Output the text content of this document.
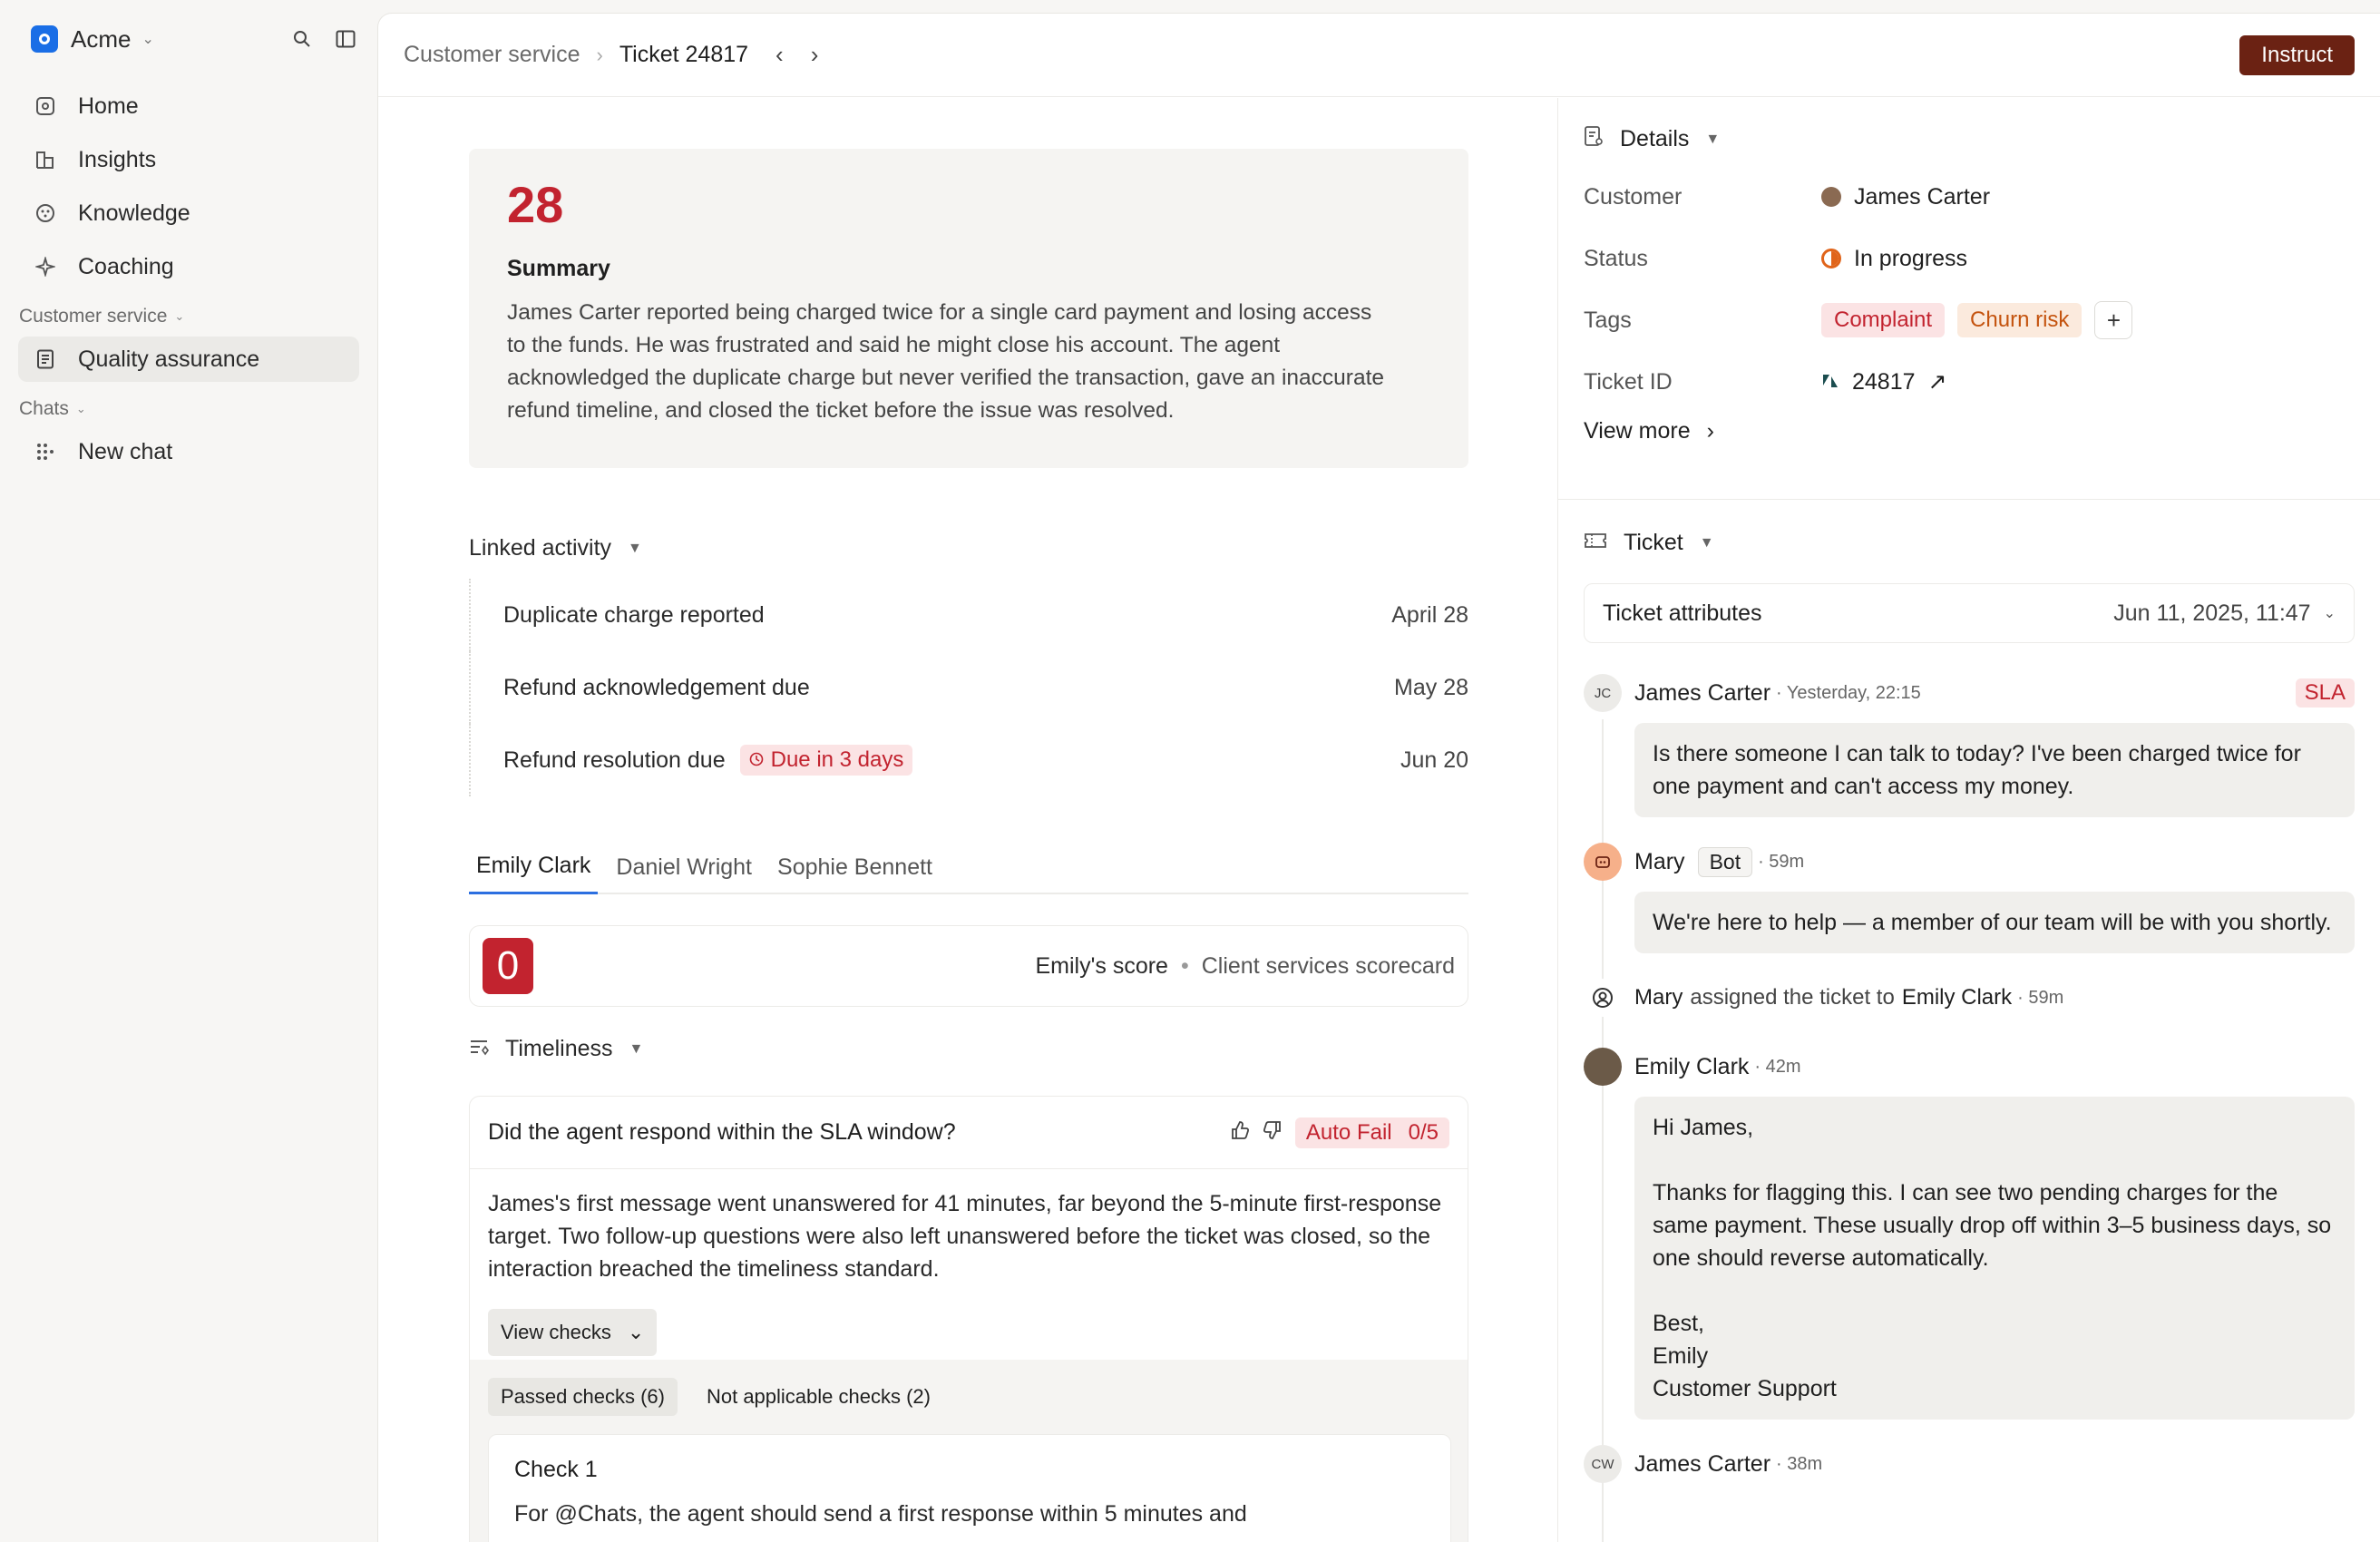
Acme ⌄
Home
Insights
Knowledge
Coaching
Customer service ⌄
Quality assurance
Chats ⌄
New chat
Customer service › Ticket 24817 ‹ ›	Instruct
28
Summary

James Carter reported being charged twice for a single card payment and losing access to the funds. He was frustrated and said he might close his account. The agent acknowledged the duplicate charge but never verified the transaction, gave an inaccurate refund timeline, and closed the ticket before the issue was resolved.

Linked activity ▼
Duplicate charge reported	April 28
Refund acknowledgement due	May 28
Refund resolution due Due in 3 days	Jun 20
Emily Clark	Daniel Wright	Sophie Bennett
0	Emily's score • Client services scorecard
Timeliness ▼
Did the agent respond within the SLA window?	Auto Fail 0/5

James's first message went unanswered for 41 minutes, far beyond the 5-minute first-response target. Two follow-up questions were also left unanswered before the ticket was closed, so the interaction breached the timeliness standard.

View checks ⌄
Passed checks (6)	Not applicable checks (2)
Check 1
For @Chats, the agent should send a first response within 5 minutes and
Details ▼
Customer	James Carter
Status	In progress
Tags	Complaint	Churn risk	+
Ticket ID	24817 ↗
View more ›
Ticket ▼
Ticket attributes	Jun 11, 2025, 11:47 ⌄
JC	James Carter · Yesterday, 22:15	SLA
Is there someone I can talk to today? I've been charged twice for one payment and can't access my money.
Mary	Bot · 59m
We're here to help — a member of our team will be with you shortly.
Mary assigned the ticket to Emily Clark · 59m
Emily Clark · 42m

Hi James,

Thanks for flagging this. I can see two pending charges for the same payment. These usually drop off within 3–5 business days, so one should reverse automatically.

Best,

Emily

Customer Support

CW James Carter · 38m
